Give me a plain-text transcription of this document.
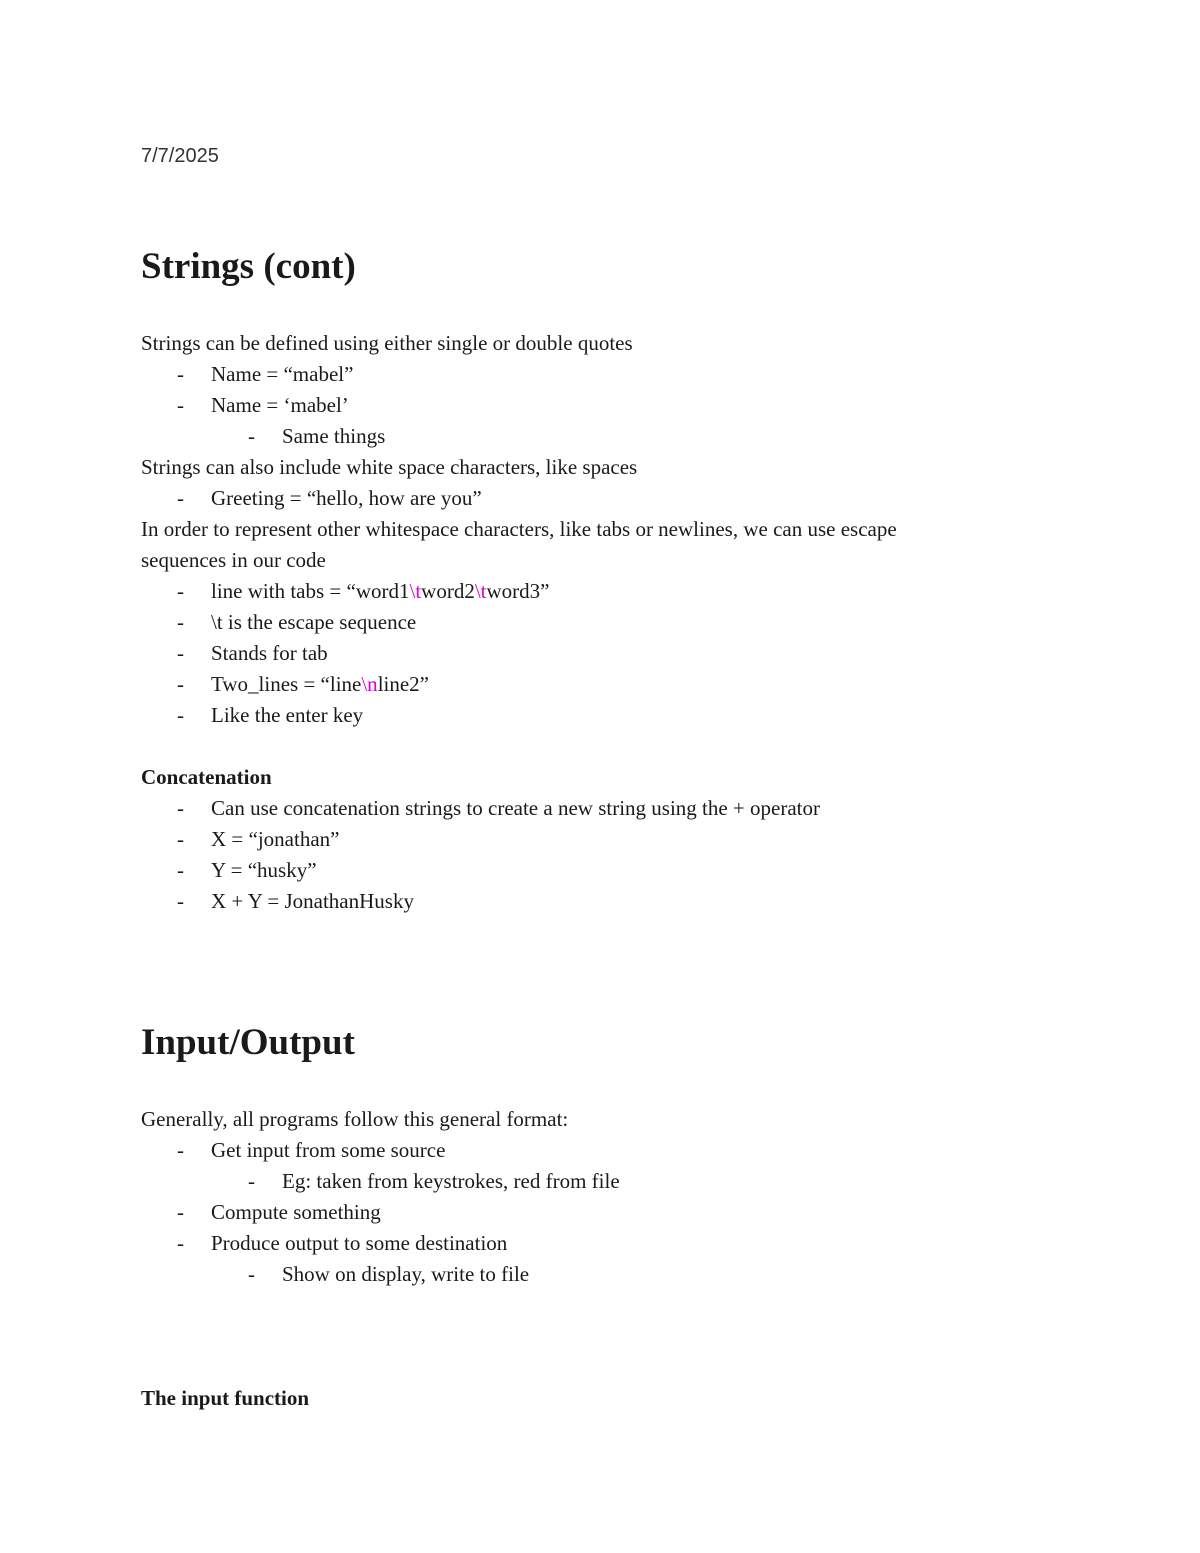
7/7/2025
Strings (cont)
Strings can be defined using either single or double quotes
- Name = “mabel”
- Name = ‘mabel’
- Same things
Strings can also include white space characters, like spaces
- Greeting = “hello, how are you”
In order to represent other whitespace characters, like tabs or newlines, we can use escape
sequences in our code
- line with tabs = “word1\tword2\tword3”
- \t is the escape sequence
- Stands for tab
- Two_lines = “line\nline2”
- Like the enter key
Concatenation
- Can use concatenation strings to create a new string using the + operator
- X = “jonathan”
- Y = “husky”
- X + Y = JonathanHusky
Input/Output
Generally, all programs follow this general format:
- Get input from some source
- Eg: taken from keystrokes, red from file
- Compute something
- Produce output to some destination
- Show on display, write to file
The input function
